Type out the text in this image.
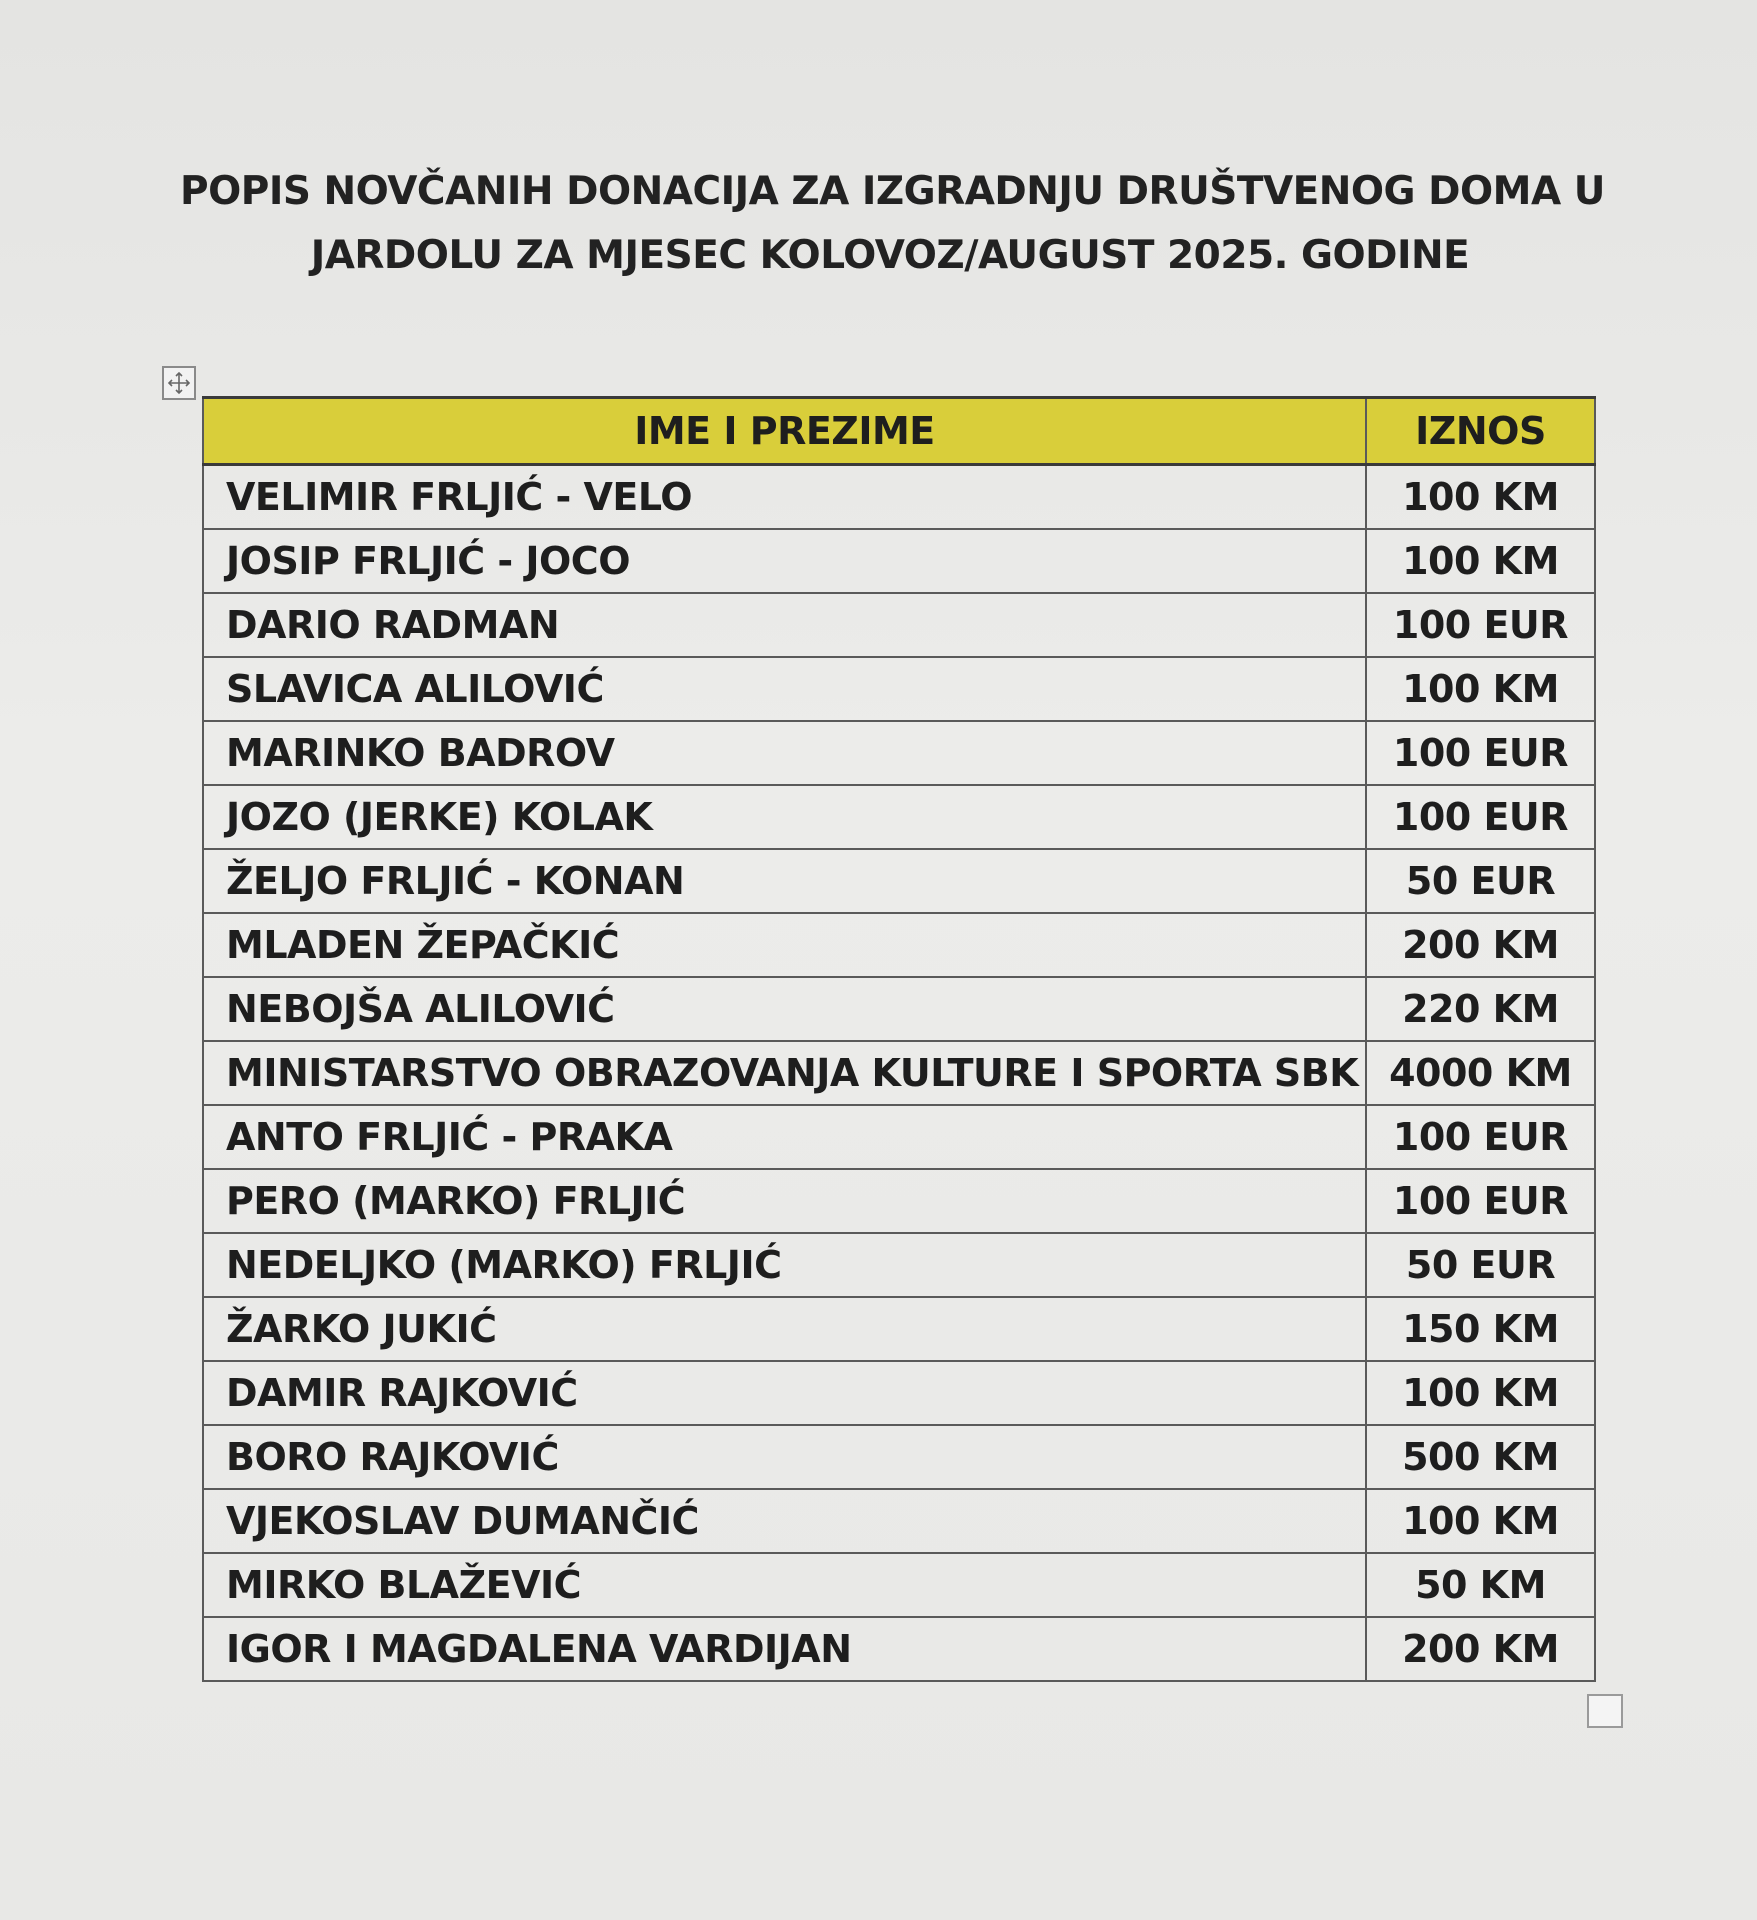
POPIS NOVČANIH DONACIJA ZA IZGRADNJU DRUŠTVENOG DOMA U
JARDOLU ZA MJESEC KOLOVOZ/AUGUST 2025. GODINE
IME I PREZIME	IZNOS
VELIMIR FRLJIĆ - VELO	100 KM
JOSIP FRLJIĆ - JOCO	100 KM
DARIO RADMAN	100 EUR
SLAVICA ALILOVIĆ	100 KM
MARINKO BADROV	100 EUR
JOZO (JERKE) KOLAK	100 EUR
ŽELJO FRLJIĆ - KONAN	50 EUR
MLADEN ŽEPAČKIĆ	200 KM
NEBOJŠA ALILOVIĆ	220 KM
MINISTARSTVO OBRAZOVANJA KULTURE I SPORTA SBK	4000 KM
ANTO FRLJIĆ - PRAKA	100 EUR
PERO (MARKO) FRLJIĆ	100 EUR
NEDELJKO (MARKO) FRLJIĆ	50 EUR
ŽARKO JUKIĆ	150 KM
DAMIR RAJKOVIĆ	100 KM
BORO RAJKOVIĆ	500 KM
VJEKOSLAV DUMANČIĆ	100 KM
MIRKO BLAŽEVIĆ	50 KM
IGOR I MAGDALENA VARDIJAN	200 KM
